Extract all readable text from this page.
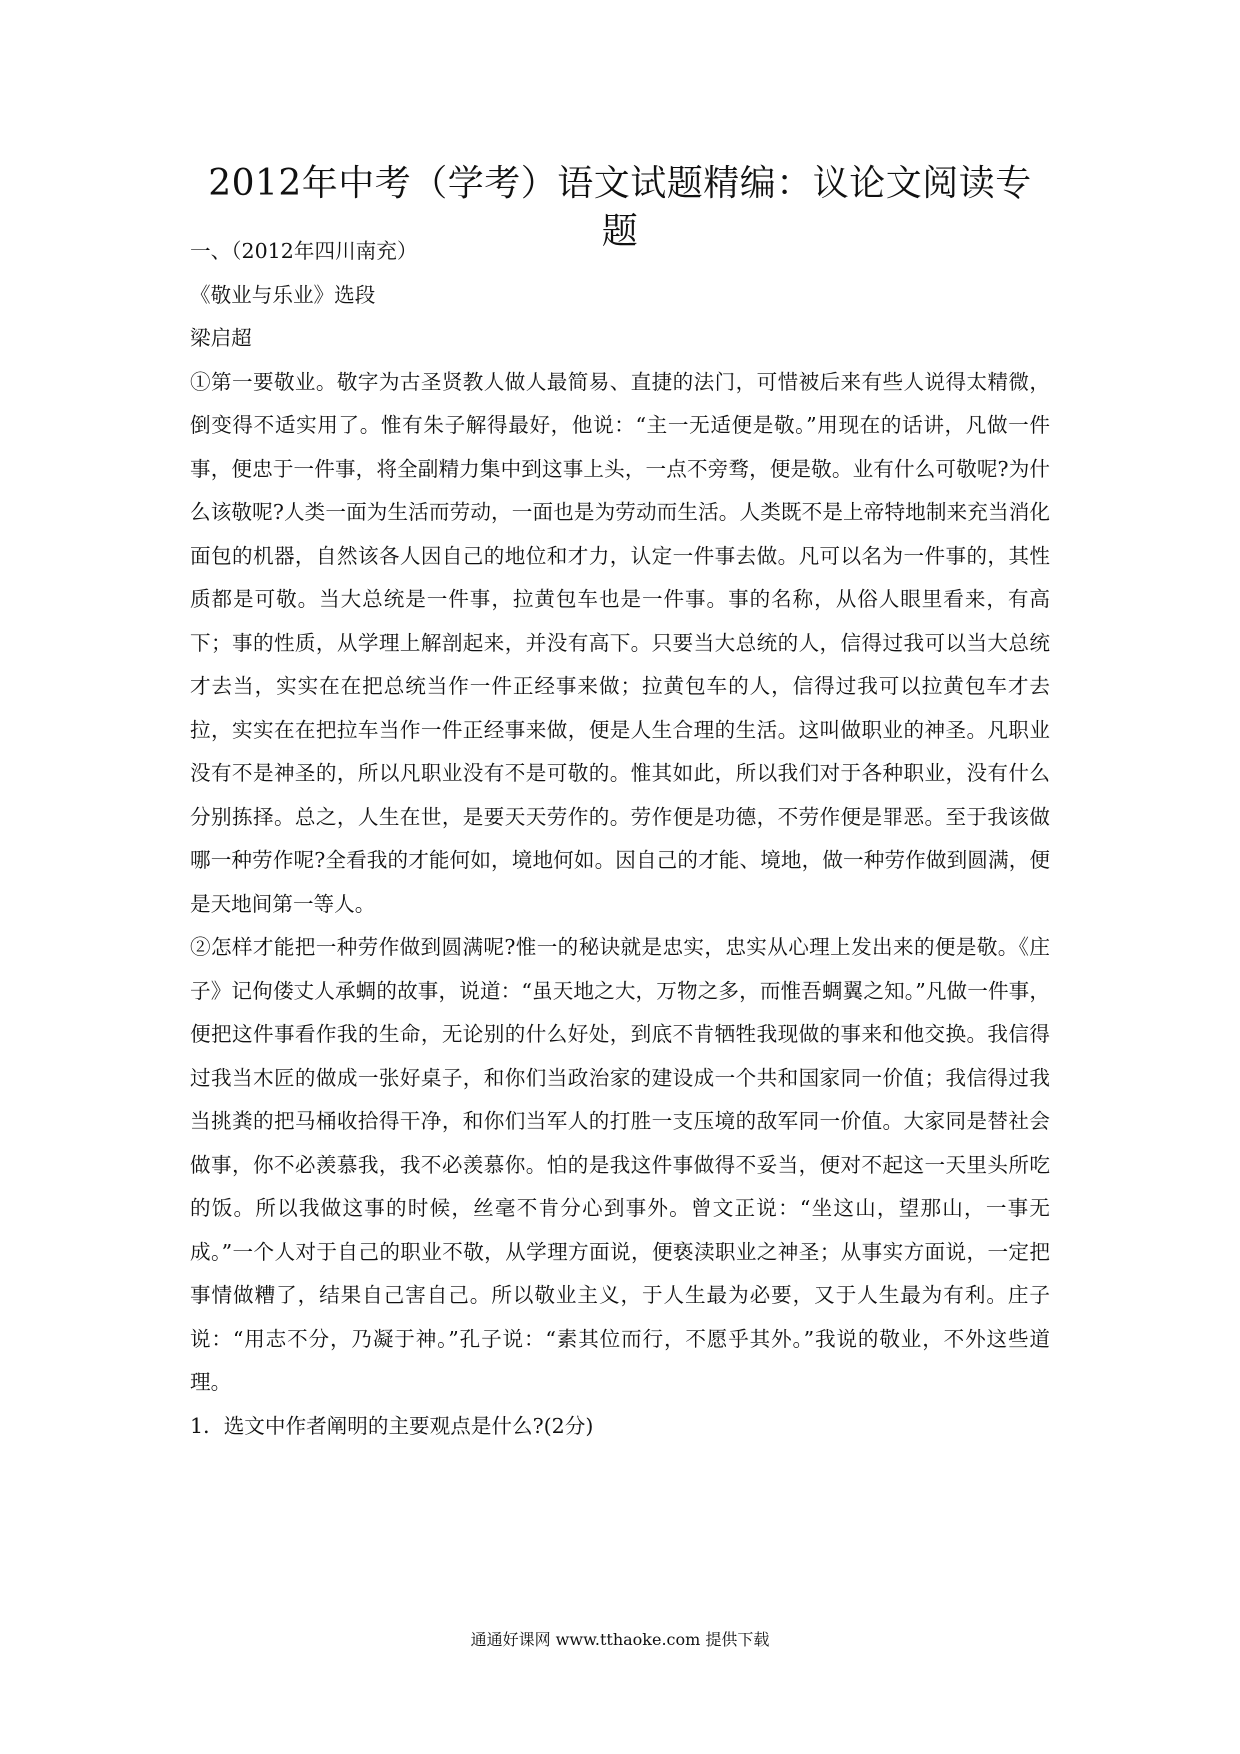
2012年中考（学考）语文试题精编：议论文阅读专题

一、（2012年四川南充）

《敬业与乐业》选段

梁启超

①第一要敬业。敬字为古圣贤教人做人最简易、直捷的法门，可惜被后来有些人说得太精微，倒变得不适实用了。惟有朱子解得最好，他说：“主一无适便是敬。”用现在的话讲，凡做一件事，便忠于一件事，将全副精力集中到这事上头，一点不旁骛，便是敬。业有什么可敬呢?为什么该敬呢?人类一面为生活而劳动，一面也是为劳动而生活。人类既不是上帝特地制来充当消化面包的机器，自然该各人因自己的地位和才力，认定一件事去做。凡可以名为一件事的，其性质都是可敬。当大总统是一件事，拉黄包车也是一件事。事的名称，从俗人眼里看来，有高下；事的性质，从学理上解剖起来，并没有高下。只要当大总统的人，信得过我可以当大总统才去当，实实在在把总统当作一件正经事来做；拉黄包车的人，信得过我可以拉黄包车才去拉，实实在在把拉车当作一件正经事来做，便是人生合理的生活。这叫做职业的神圣。凡职业没有不是神圣的，所以凡职业没有不是可敬的。惟其如此，所以我们对于各种职业，没有什么分别拣择。总之，人生在世，是要天天劳作的。劳作便是功德，不劳作便是罪恶。至于我该做哪一种劳作呢?全看我的才能何如，境地何如。因自己的才能、境地，做一种劳作做到圆满，便是天地间第一等人。

②怎样才能把一种劳作做到圆满呢?惟一的秘诀就是忠实，忠实从心理上发出来的便是敬。《庄子》记佝偻丈人承蜩的故事，说道：“虽天地之大，万物之多，而惟吾蜩翼之知。”凡做一件事，便把这件事看作我的生命，无论别的什么好处，到底不肯牺牲我现做的事来和他交换。我信得过我当木匠的做成一张好桌子，和你们当政治家的建设成一个共和国家同一价值；我信得过我当挑粪的把马桶收拾得干净，和你们当军人的打胜一支压境的敌军同一价值。大家同是替社会做事，你不必羡慕我，我不必羡慕你。怕的是我这件事做得不妥当，便对不起这一天里头所吃的饭。所以我做这事的时候，丝毫不肯分心到事外。曾文正说：“坐这山，望那山，一事无成。”一个人对于自己的职业不敬，从学理方面说，便亵渎职业之神圣；从事实方面说，一定把事情做糟了，结果自己害自己。所以敬业主义，于人生最为必要，又于人生最为有利。庄子说：“用志不分，乃凝于神。”孔子说：“素其位而行，不愿乎其外。”我说的敬业，不外这些道理。

1．选文中作者阐明的主要观点是什么?(2分)

通通好课网 www.tthaoke.com 提供下载
